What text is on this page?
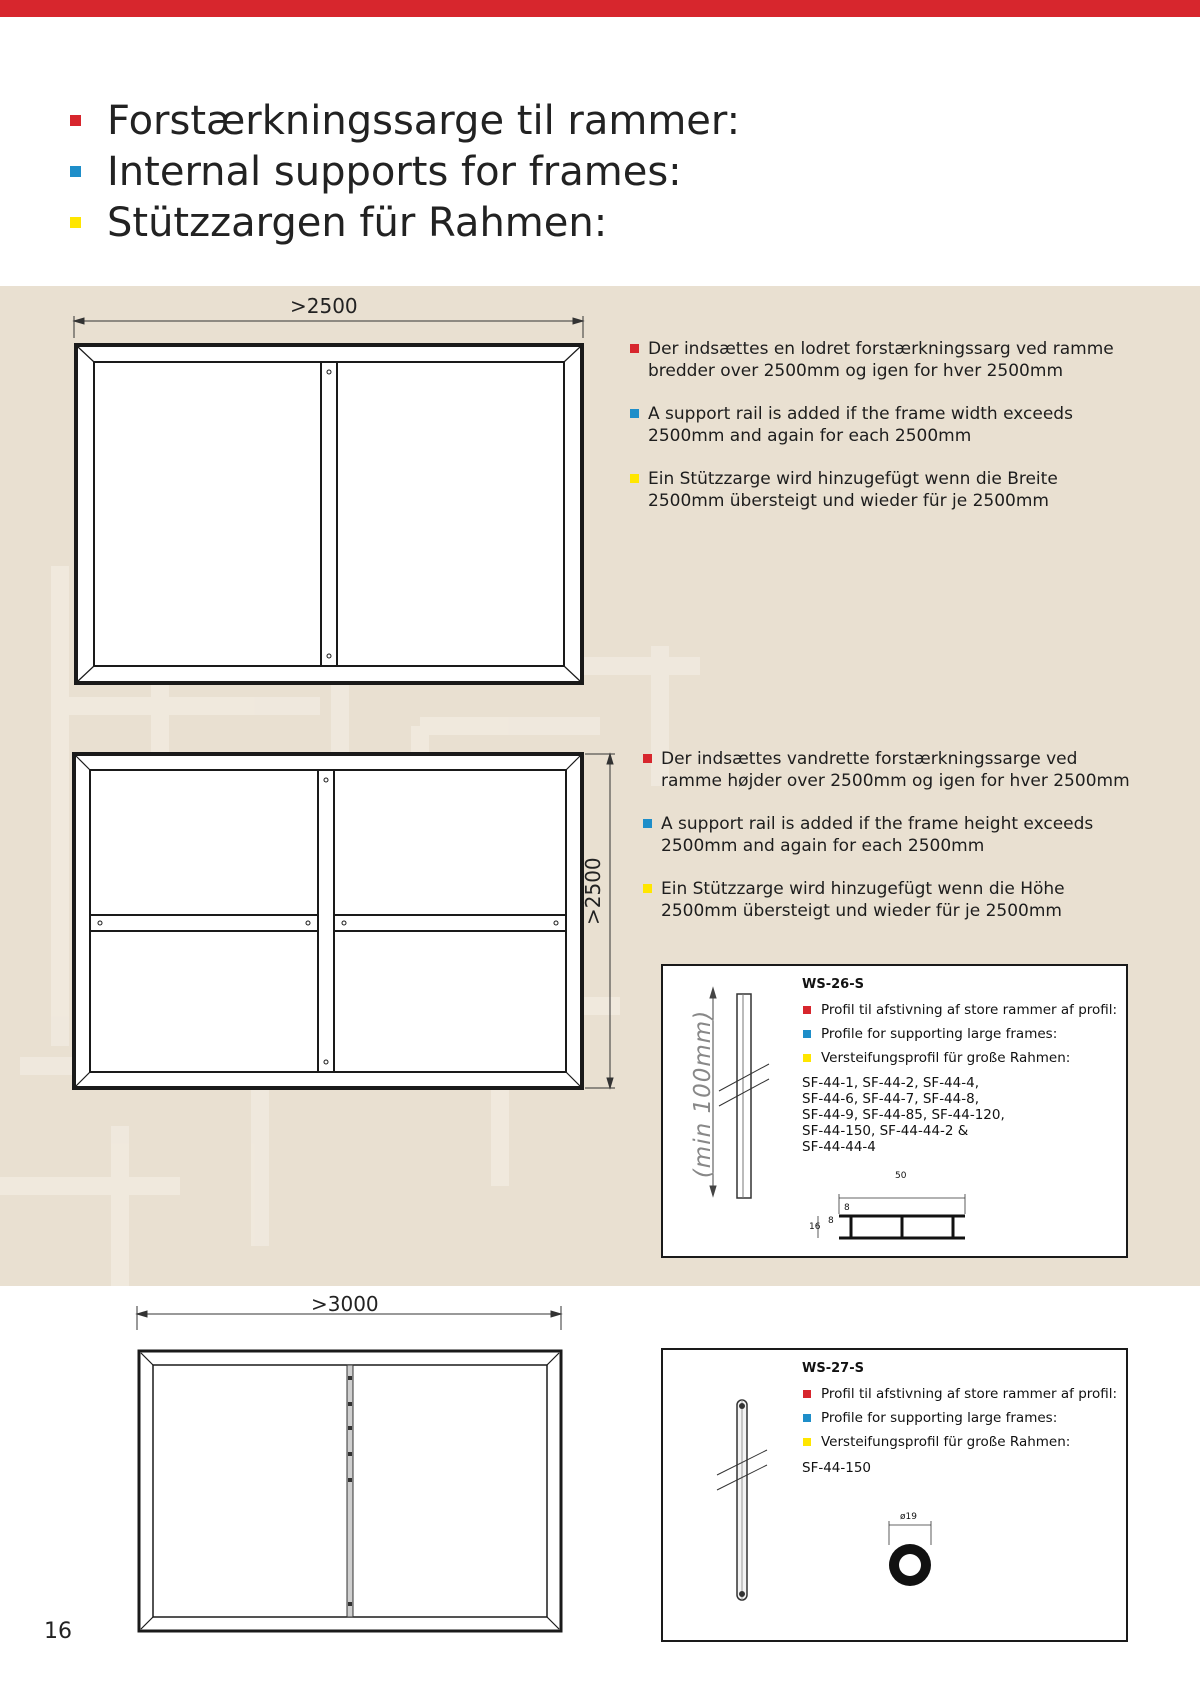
Forstærkningssarge til rammer:
Internal supports for frames:
Stützzargen für Rahmen:
>2500
Der indsættes en lodret forstærkningssarg ved ramme bredder over 2500mm og igen for hver 2500mm
A support rail is added if the frame width exceeds 2500mm and again for each 2500mm
Ein Stützzarge wird hinzugefügt wenn die Breite 2500mm übersteigt und wieder für je 2500mm
>2500
Der indsættes vandrette forstærkningssarge ved ramme højder over 2500mm og igen for hver 2500mm
A support rail is added if the frame height exceeds 2500mm and again for each 2500mm
Ein Stützzarge wird hinzugefügt wenn die Höhe 2500mm übersteigt und wieder für je 2500mm
(min 100mm)	50
8
8
16
WS-26-S
Profil til afstivning af store rammer af profil:
Profile for supporting large frames:
Versteifungsprofil für große Rahmen:
SF-44-1, SF-44-2, SF-44-4,
SF-44-6, SF-44-7, SF-44-8,
SF-44-9, SF-44-85, SF-44-120,
SF-44-150, SF-44-44-2 &
SF-44-44-4
>3000
ø19
WS-27-S
Profil til afstivning af store rammer af profil:
Profile for supporting large frames:
Versteifungsprofil für große Rahmen:
SF-44-150
16
